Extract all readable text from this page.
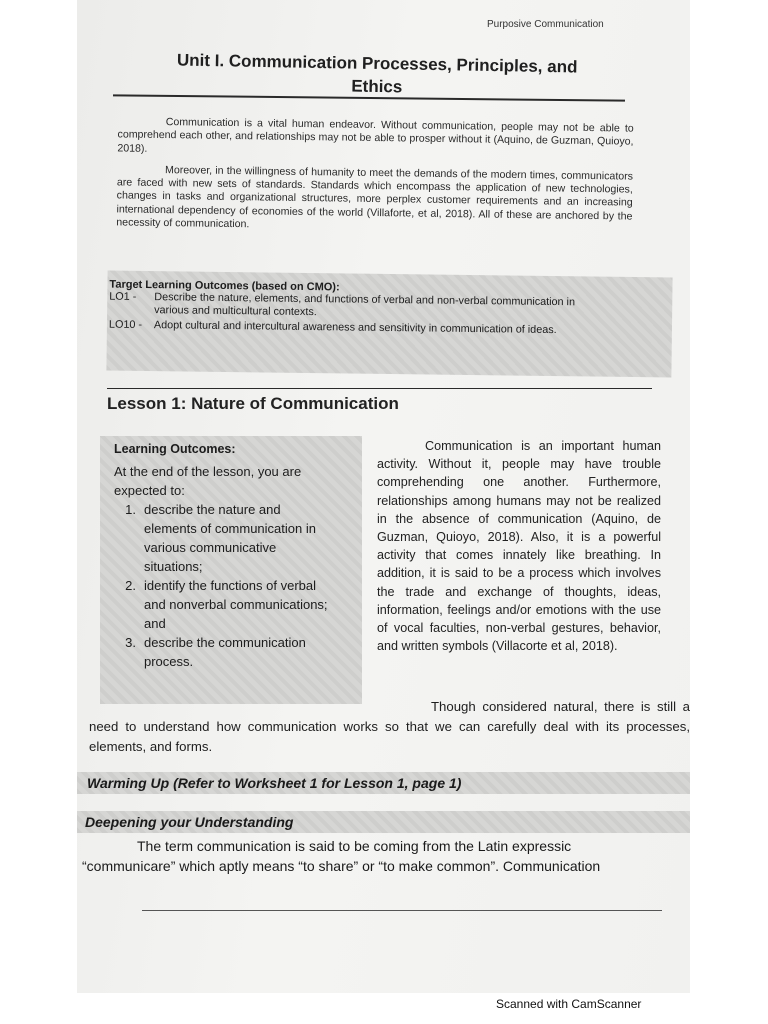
Purposive Communication
Unit I. Communication Processes, Principles, and
Ethics

Communication is a vital human endeavor. Without communication, people may not be able to comprehend each other, and relationships may not be able to prosper without it (Aquino, de Guzman, Quioyo, 2018).

Moreover, in the willingness of humanity to meet the demands of the modern times, communicators are faced with new sets of standards. Standards which encompass the application of new technologies, changes in tasks and organizational structures, more perplex customer requirements and an increasing international dependency of economies of the world (Villaforte, et al, 2018). All of these are anchored by the necessity of communication.

Target Learning Outcomes (based on CMO):
LO1 -	Describe the nature, elements, and functions of verbal and non-verbal communication in various and multicultural contexts.
LO10 -	Adopt cultural and intercultural awareness and sensitivity in communication of ideas.
Lesson 1: Nature of Communication
Learning Outcomes:
At the end of the lesson, you are expected to:
1. describe the nature and elements of communication in various communicative situations;
2. identify the functions of verbal and nonverbal communications; and
3. describe the communication process.
Communication is an important human activity. Without it, people may have trouble comprehending one another. Furthermore, relationships among humans may not be realized in the absence of communication (Aquino, de Guzman, Quioyo, 2018). Also, it is a powerful activity that comes innately like breathing. In addition, it is said to be a process which involves the trade and exchange of thoughts, ideas, information, feelings and/or emotions with the use of vocal faculties, non-verbal gestures, behavior, and written symbols (Villacorte et al, 2018).
Though considered natural, there is still a need to understand how communication works so that we can carefully deal with its processes, elements, and forms.
Warming Up (Refer to Worksheet 1 for Lesson 1, page 1)
Deepening your Understanding
The term communication is said to be coming from the Latin expressic
“communicare” which aptly means “to share” or “to make common”. Communication
Scanned with CamScanner
